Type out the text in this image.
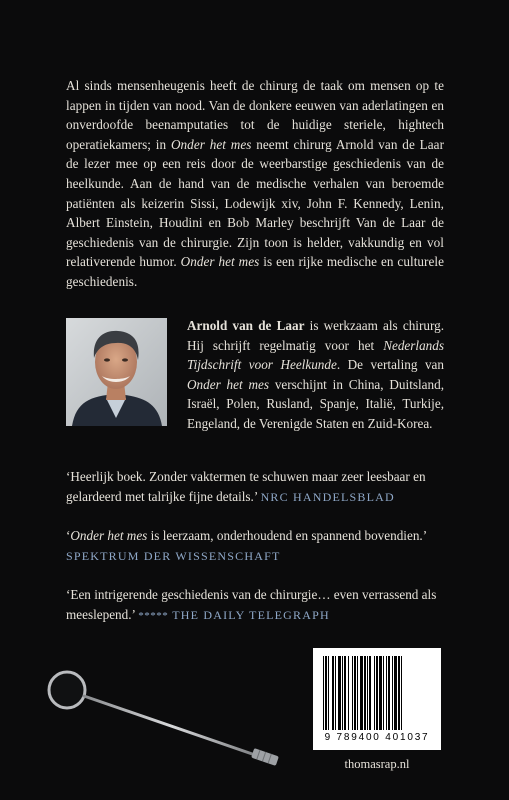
Al sinds mensenheugenis heeft de chirurg de taak om mensen op te lappen in tijden van nood. Van de donkere eeuwen van aderlatingen en onverdoofde beenamputaties tot de huidige steriele, hightech operatiekamers; in Onder het mes neemt chirurg Arnold van de Laar de lezer mee op een reis door de weerbarstige geschiedenis van de heelkunde. Aan de hand van de medische verhalen van beroemde patiënten als keizerin Sissi, Lodewijk xiv, John F. Kennedy, Lenin, Albert Einstein, Houdini en Bob Marley beschrijft Van de Laar de geschiedenis van de chirurgie. Zijn toon is helder, vakkundig en vol relativerende humor. Onder het mes is een rijke medische en culturele geschiedenis.
Arnold van de Laar is werkzaam als chirurg. Hij schrijft regelmatig voor het Nederlands Tijdschrift voor Heelkunde. De vertaling van Onder het mes verschijnt in China, Duitsland, Israël, Polen, Rusland, Spanje, Italië, Turkije, Engeland, de Verenigde Staten en Zuid-Korea.
‘Heerlijk boek. Zonder vaktermen te schuwen maar zeer leesbaar en gelardeerd met talrijke fijne details.’ NRC HANDELSBLAD
‘Onder het mes is leerzaam, onderhoudend en spannend bovendien.’ SPEKTRUM DER WISSENSCHAFT
‘Een intrigerende geschiedenis van de chirurgie… even verrassend als meeslepend.’ ***** THE DAILY TELEGRAPH
9 789400 401037
thomasrap.nl
